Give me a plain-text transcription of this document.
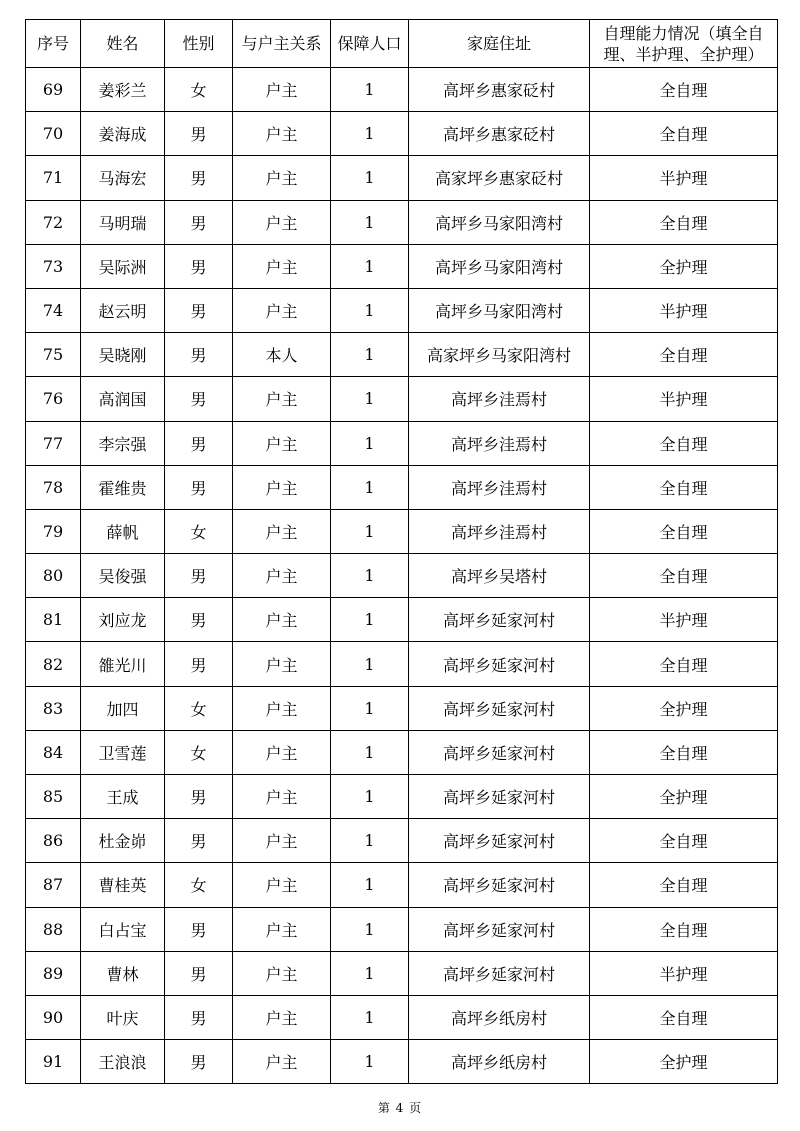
序号	姓名	性别	与户主关系	保障人口	家庭住址	自理能力情况（填全自理、半护理、全护理）
69	姜彩兰	女	户主	1	高坪乡惠家砭村	全自理
70	姜海成	男	户主	1	高坪乡惠家砭村	全自理
71	马海宏	男	户主	1	高家坪乡惠家砭村	半护理
72	马明瑞	男	户主	1	高坪乡马家阳湾村	全自理
73	吴际洲	男	户主	1	高坪乡马家阳湾村	全护理
74	赵云明	男	户主	1	高坪乡马家阳湾村	半护理
75	吴晓刚	男	本人	1	高家坪乡马家阳湾村	全自理
76	高润国	男	户主	1	高坪乡洼焉村	半护理
77	李宗强	男	户主	1	高坪乡洼焉村	全自理
78	霍维贵	男	户主	1	高坪乡洼焉村	全自理
79	薛帆	女	户主	1	高坪乡洼焉村	全自理
80	吴俊强	男	户主	1	高坪乡吴塔村	全自理
81	刘应龙	男	户主	1	高坪乡延家河村	半护理
82	雒光川	男	户主	1	高坪乡延家河村	全自理
83	加四	女	户主	1	高坪乡延家河村	全护理
84	卫雪莲	女	户主	1	高坪乡延家河村	全自理
85	王成	男	户主	1	高坪乡延家河村	全护理
86	杜金峁	男	户主	1	高坪乡延家河村	全自理
87	曹桂英	女	户主	1	高坪乡延家河村	全自理
88	白占宝	男	户主	1	高坪乡延家河村	全自理
89	曹林	男	户主	1	高坪乡延家河村	半护理
90	叶庆	男	户主	1	高坪乡纸房村	全自理
91	王浪浪	男	户主	1	高坪乡纸房村	全护理
第 4 页
